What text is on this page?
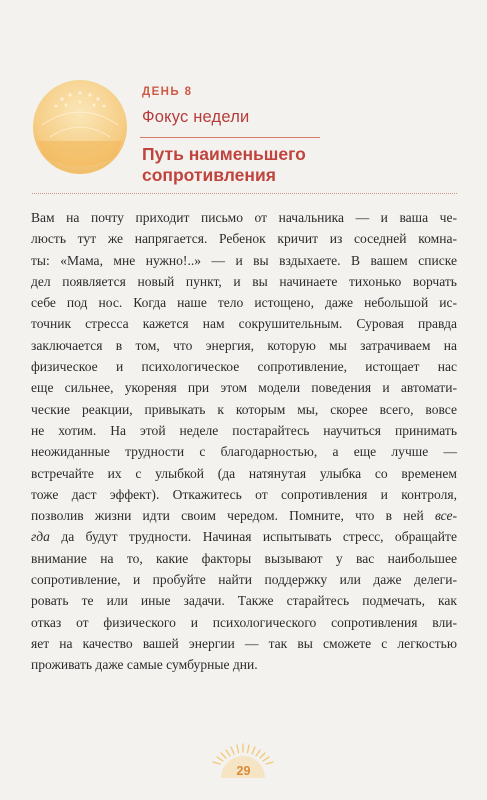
ДЕНЬ 8
Фокус недели
Путь наименьшего
сопротивления
Вам на почту приходит письмо от начальника — и ваша че-
люсть тут же напрягается. Ребенок кричит из соседней комна-
ты: «Мама, мне нужно!..» — и вы вздыхаете. В вашем списке
дел появляется новый пункт, и вы начинаете тихонько ворчать
себе под нос. Когда наше тело истощено, даже небольшой ис-
точник стресса кажется нам сокрушительным. Суровая правда
заключается в том, что энергия, которую мы затрачиваем на
физическое и психологическое сопротивление, истощает нас
еще сильнее, укореняя при этом модели поведения и автомати-
ческие реакции, привыкать к которым мы, скорее всего, вовсе
не хотим. На этой неделе постарайтесь научиться принимать
неожиданные трудности с благодарностью, а еще лучше —
встречайте их с улыбкой (да натянутая улыбка со временем
тоже даст эффект). Откажитесь от сопротивления и контроля,
позволив жизни идти своим чередом. Помните, что в ней все-
гда да будут трудности. Начиная испытывать стресс, обращайте
внимание на то, какие факторы вызывают у вас наибольшее
сопротивление, и пробуйте найти поддержку или даже делеги-
ровать те или иные задачи. Также старайтесь подмечать, как
отказ от физического и психологического сопротивления вли-
яет на качество вашей энергии — так вы сможете с легкостью
проживать даже самые сумбурные дни.
29
